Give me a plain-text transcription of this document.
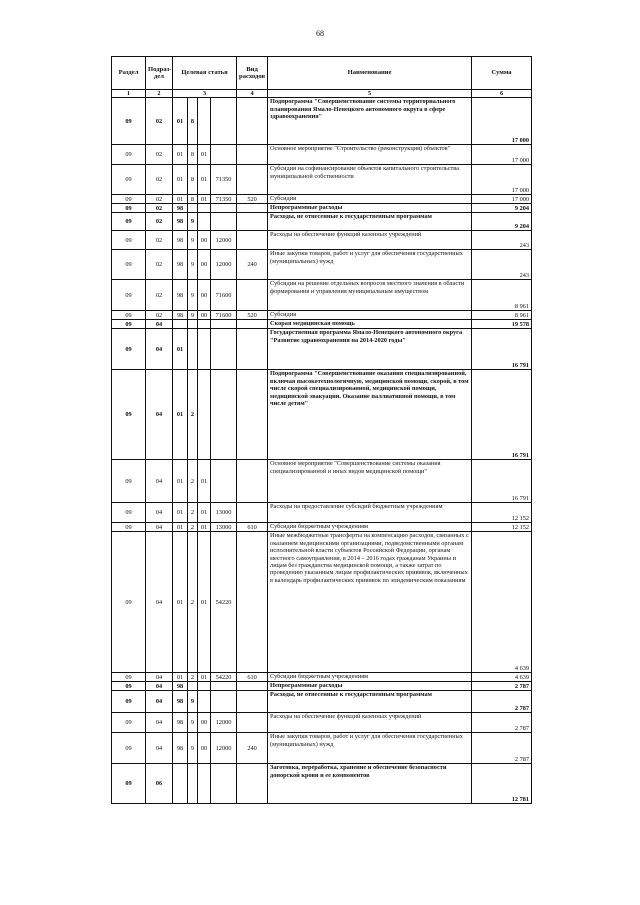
68
Раздел	Подраз-дел	Целевая статья				Вид расходов	Наименование	Сумма
1	2	3				4	5	6
09	02	01	8				Подпрограмма "Совершенствование системы территориального планирования Ямало-Ненецкого автономного округа в сфере здравоохранения"	17 000
09	02	01	8	01			Основное мероприятие "Строительство (реконструкция) объектов"	17 000
09	02	01	8	01	71350		Субсидия на софинансирование объектов капитального строительства муниципальной собственности	17 000
09	02	01	8	01	71350	520	Субсидии	17 000
09	02	98					Непрограммные расходы	9 204
09	02	98	9				Расходы, не отнесенные к государственным программам	9 204
09	02	98	9	00	12000		Расходы на обеспечение функций казенных учреждений	243
09	02	98	9	00	12000	240	Иные закупки товаров, работ и услуг для обеспечения государственных (муниципальных) нужд	243
09	02	98	9	00	71600		Субсидии на решение отдельных вопросов местного значения в области формирования и управления муниципальным имуществом	8 961
09	02	98	9	00	71600	520	Субсидия	8 961
09	04						Скорая медицинская помощь	19 578
09	04	01					Государственная программа Ямало-Ненецкого автономного округа "Развитие здравоохранения на 2014-2020 годы"	16 791
09	04	01	2				Подпрограмма "Совершенствование оказания специализированной, включая высокотехнологичную, медицинской помощи, скорой, в том числе скорой специализированной, медицинской помощи, медицинской эвакуации. Оказание паллиативной помощи, в том числе детям"	16 791
09	04	01	2	01			Основное мероприятие "Совершенствование системы оказания специализированной и иных видов медицинской помощи"	16 791
09	04	01	2	01	13000		Расходы на предоставление субсидий бюджетным учреждениям	12 152
09	04	01	2	01	13000	610	Субсидии бюджетным учреждениям	12 152
09	04	01	2	01	54220		Иные межбюджетные трансферты на компенсацию расходов, связанных с оказанием медицинскими организациями, подведомственными органам исполнительной власти субъектов Российской Федерации, органам местного самоуправления, в 2014 – 2016 годах гражданам Украины и лицам без гражданства медицинской помощи, а также затрат по проведению указанным лицам профилактических прививок, включенных в календарь профилактических прививок по эпидемическим показаниям	4 639
09	04	01	2	01	54220	610	Субсидии бюджетным учреждениям	4 639
09	04	98					Непрограммные расходы	2 787
09	04	98	9				Расходы, не отнесенные к государственным программам	2 787
09	04	98	9	00	12000		Расходы на обеспечение функций казенных учреждений	2 787
09	04	98	9	00	12000	240	Иные закупки товаров, работ и услуг для обеспечения государственных (муниципальных) нужд	2 787
09	06						Заготовка, переработка, хранение и обеспечение безопасности донорской крови и ее компонентов	12 781
